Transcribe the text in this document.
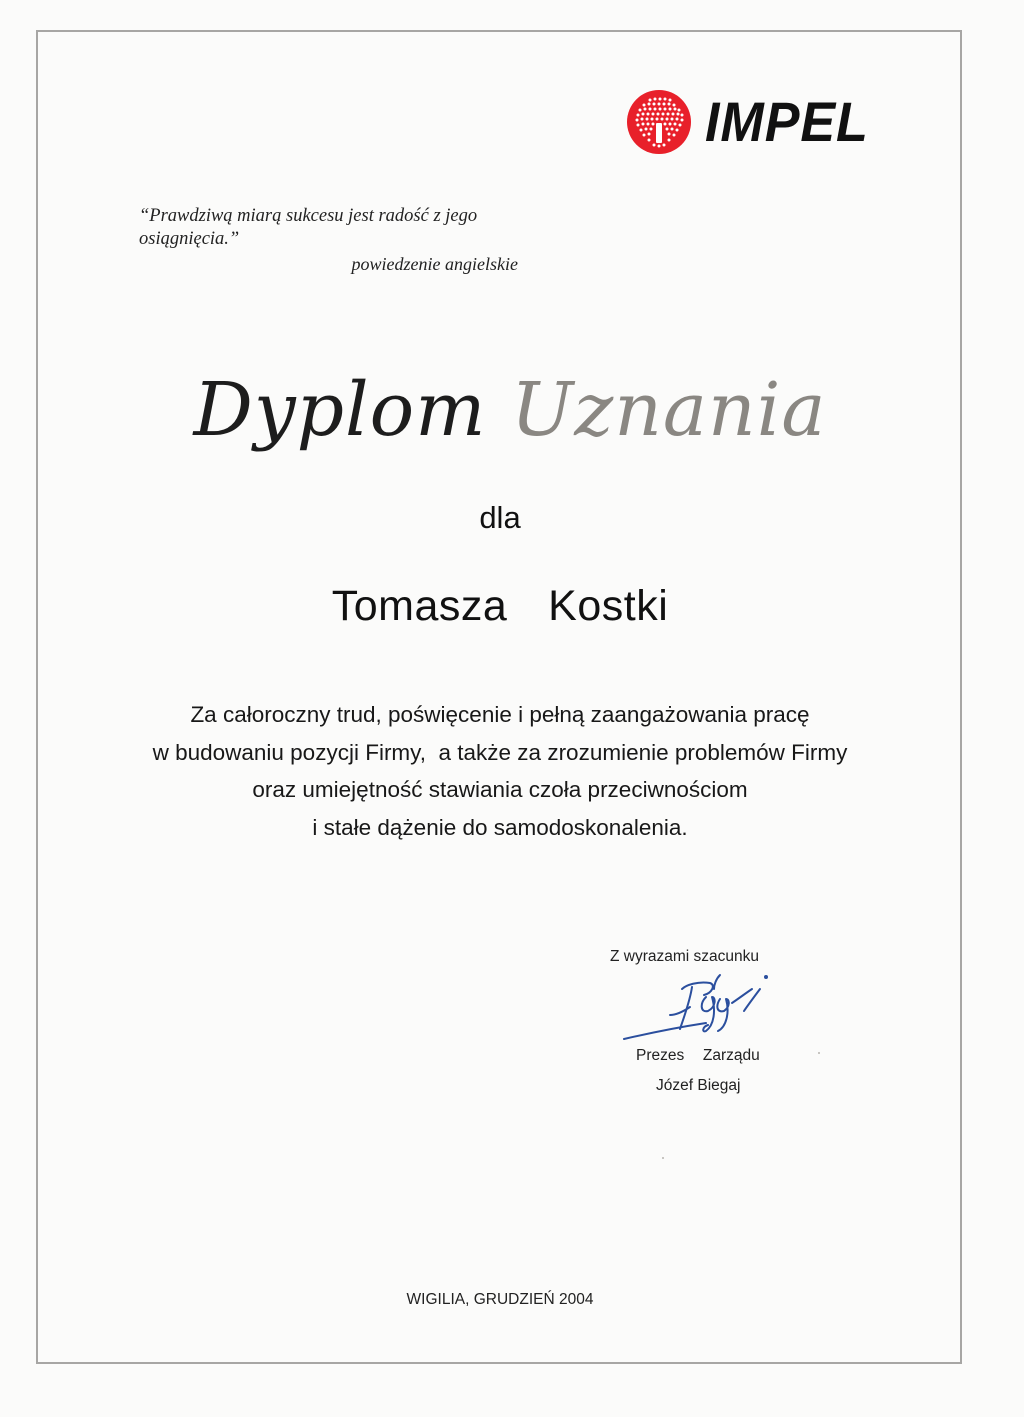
IMPEL
“Prawdziwą miarą sukcesu jest radość z jego osiągnięcia.”
powiedzenie angielskie
Dyplom Uznania
dla
Tomasza  Kostki
Za całoroczny trud, poświęcenie i pełną zaangażowania pracę
w budowaniu pozycji Firmy,  a także za zrozumienie problemów Firmy
oraz umiejętność stawiania czoła przeciwnościom
i stałe dążenie do samodoskonalenia.
Z wyrazami szacunku
Prezes  Zarządu
Józef Biegaj
WIGILIA, GRUDZIEŃ 2004
